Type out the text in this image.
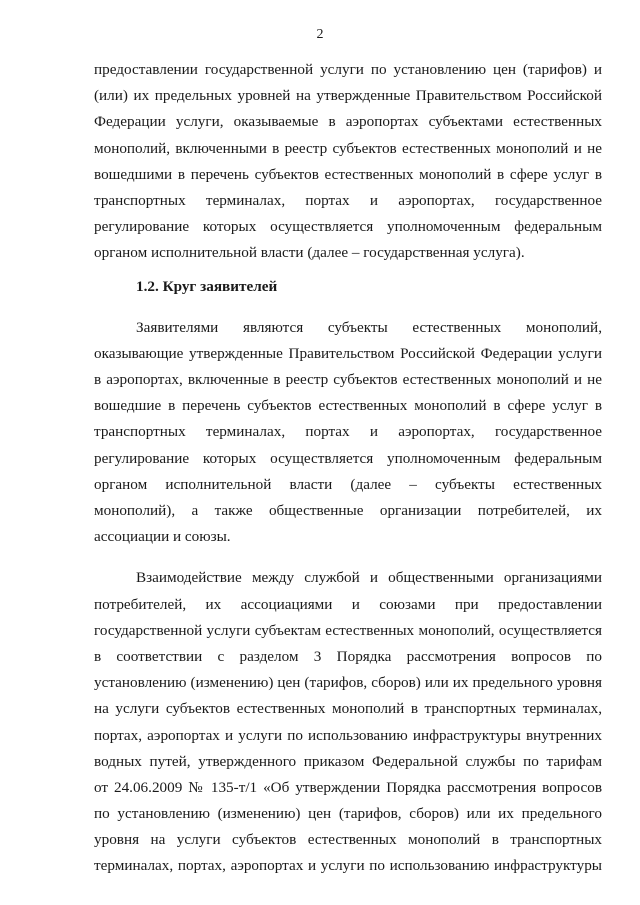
2
предоставлении государственной услуги по установлению цен (тарифов) и
(или) их предельных уровней на утвержденные Правительством Российской
Федерации услуги, оказываемые в аэропортах субъектами естественных
монополий, включенными в реестр субъектов естественных монополий и не
вошедшими в перечень субъектов естественных монополий в сфере услуг в
транспортных терминалах, портах и аэропортах, государственное
регулирование которых осуществляется уполномоченным федеральным
органом исполнительной власти (далее – государственная услуга).
1.2. Круг заявителей
Заявителями являются субъекты естественных монополий,
оказывающие утвержденные Правительством Российской Федерации услуги
в аэропортах, включенные в реестр субъектов естественных монополий и не
вошедшие в перечень субъектов естественных монополий в сфере услуг в
транспортных терминалах, портах и аэропортах, государственное
регулирование которых осуществляется уполномоченным федеральным
органом исполнительной власти (далее – субъекты естественных
монополий), а также общественные организации потребителей, их
ассоциации и союзы.
Взаимодействие между службой и общественными организациями
потребителей, их ассоциациями и союзами при предоставлении
государственной услуги субъектам естественных монополий, осуществляется
в соответствии с разделом 3 Порядка рассмотрения вопросов по
установлению (изменению) цен (тарифов, сборов) или их предельного уровня
на услуги субъектов естественных монополий в транспортных терминалах,
портах, аэропортах и услуги по использованию инфраструктуры внутренних
водных путей, утвержденного приказом Федеральной службы по тарифам
от 24.06.2009 № 135-т/1 «Об утверждении Порядка рассмотрения вопросов
по установлению (изменению) цен (тарифов, сборов) или их предельного
уровня на услуги субъектов естественных монополий в транспортных
терминалах, портах, аэропортах и услуги по использованию инфраструктуры
